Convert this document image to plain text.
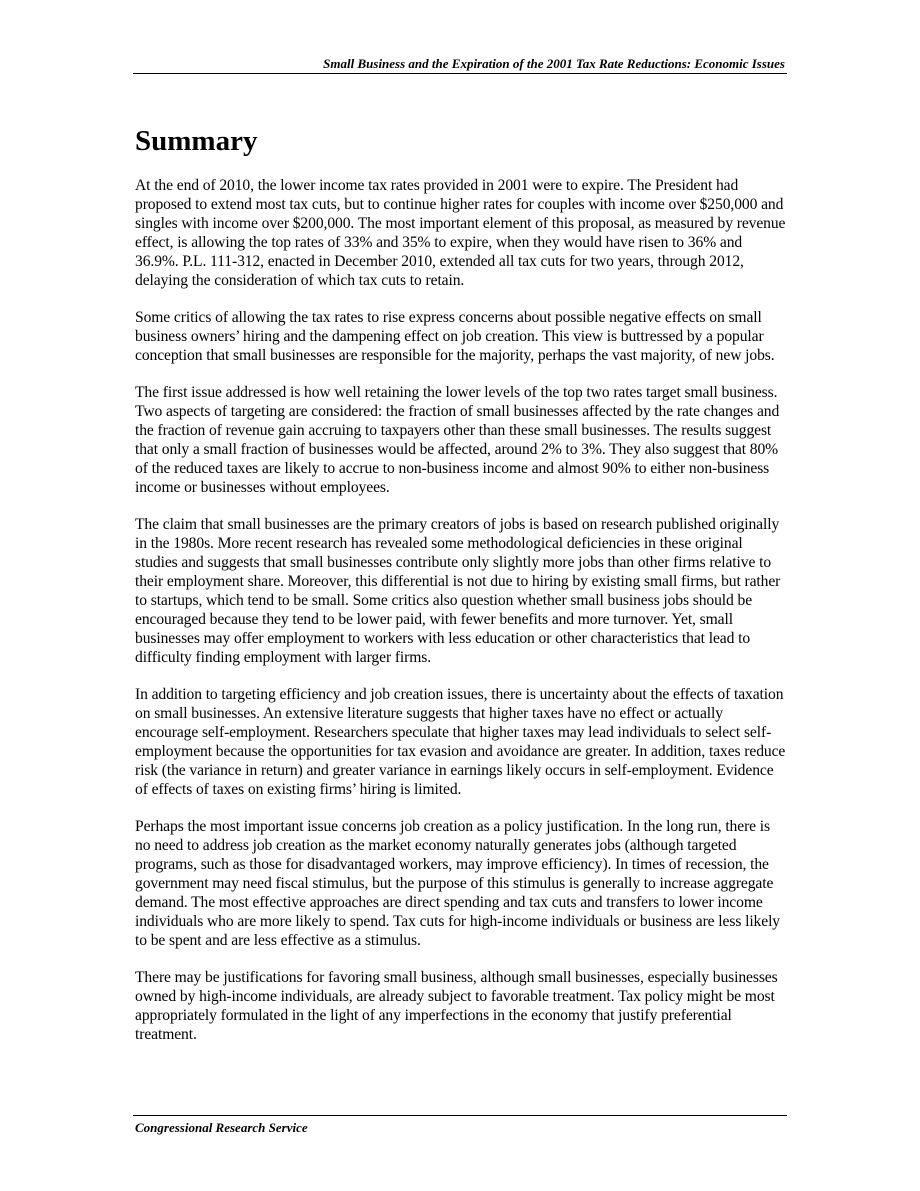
Small Business and the Expiration of the 2001 Tax Rate Reductions: Economic Issues
Summary

At the end of 2010, the lower income tax rates provided in 2001 were to expire. The President had proposed to extend most tax cuts, but to continue higher rates for couples with income over $250,000 and singles with income over $200,000. The most important element of this proposal, as measured by revenue effect, is allowing the top rates of 33% and 35% to expire, when they would have risen to 36% and 36.9%. P.L. 111-312, enacted in December 2010, extended all tax cuts for two years, through 2012, delaying the consideration of which tax cuts to retain.

Some critics of allowing the tax rates to rise express concerns about possible negative effects on small business owners’ hiring and the dampening effect on job creation. This view is buttressed by a popular conception that small businesses are responsible for the majority, perhaps the vast majority, of new jobs.

The first issue addressed is how well retaining the lower levels of the top two rates target small business. Two aspects of targeting are considered: the fraction of small businesses affected by the rate changes and the fraction of revenue gain accruing to taxpayers other than these small businesses. The results suggest that only a small fraction of businesses would be affected, around 2% to 3%. They also suggest that 80% of the reduced taxes are likely to accrue to non-business income and almost 90% to either non-business income or businesses without employees.

The claim that small businesses are the primary creators of jobs is based on research published originally in the 1980s. More recent research has revealed some methodological deficiencies in these original studies and suggests that small businesses contribute only slightly more jobs than other firms relative to their employment share. Moreover, this differential is not due to hiring by existing small firms, but rather to startups, which tend to be small. Some critics also question whether small business jobs should be encouraged because they tend to be lower paid, with fewer benefits and more turnover. Yet, small businesses may offer employment to workers with less education or other characteristics that lead to difficulty finding employment with larger firms.

In addition to targeting efficiency and job creation issues, there is uncertainty about the effects of taxation on small businesses. An extensive literature suggests that higher taxes have no effect or actually encourage self-employment. Researchers speculate that higher taxes may lead individuals to select self-employment because the opportunities for tax evasion and avoidance are greater. In addition, taxes reduce risk (the variance in return) and greater variance in earnings likely occurs in self-employment. Evidence of effects of taxes on existing firms’ hiring is limited.

Perhaps the most important issue concerns job creation as a policy justification. In the long run, there is no need to address job creation as the market economy naturally generates jobs (although targeted programs, such as those for disadvantaged workers, may improve efficiency). In times of recession, the government may need fiscal stimulus, but the purpose of this stimulus is generally to increase aggregate demand. The most effective approaches are direct spending and tax cuts and transfers to lower income individuals who are more likely to spend. Tax cuts for high-income individuals or business are less likely to be spent and are less effective as a stimulus.

There may be justifications for favoring small business, although small businesses, especially businesses owned by high-income individuals, are already subject to favorable treatment. Tax policy might be most appropriately formulated in the light of any imperfections in the economy that justify preferential treatment.

Congressional Research Service
